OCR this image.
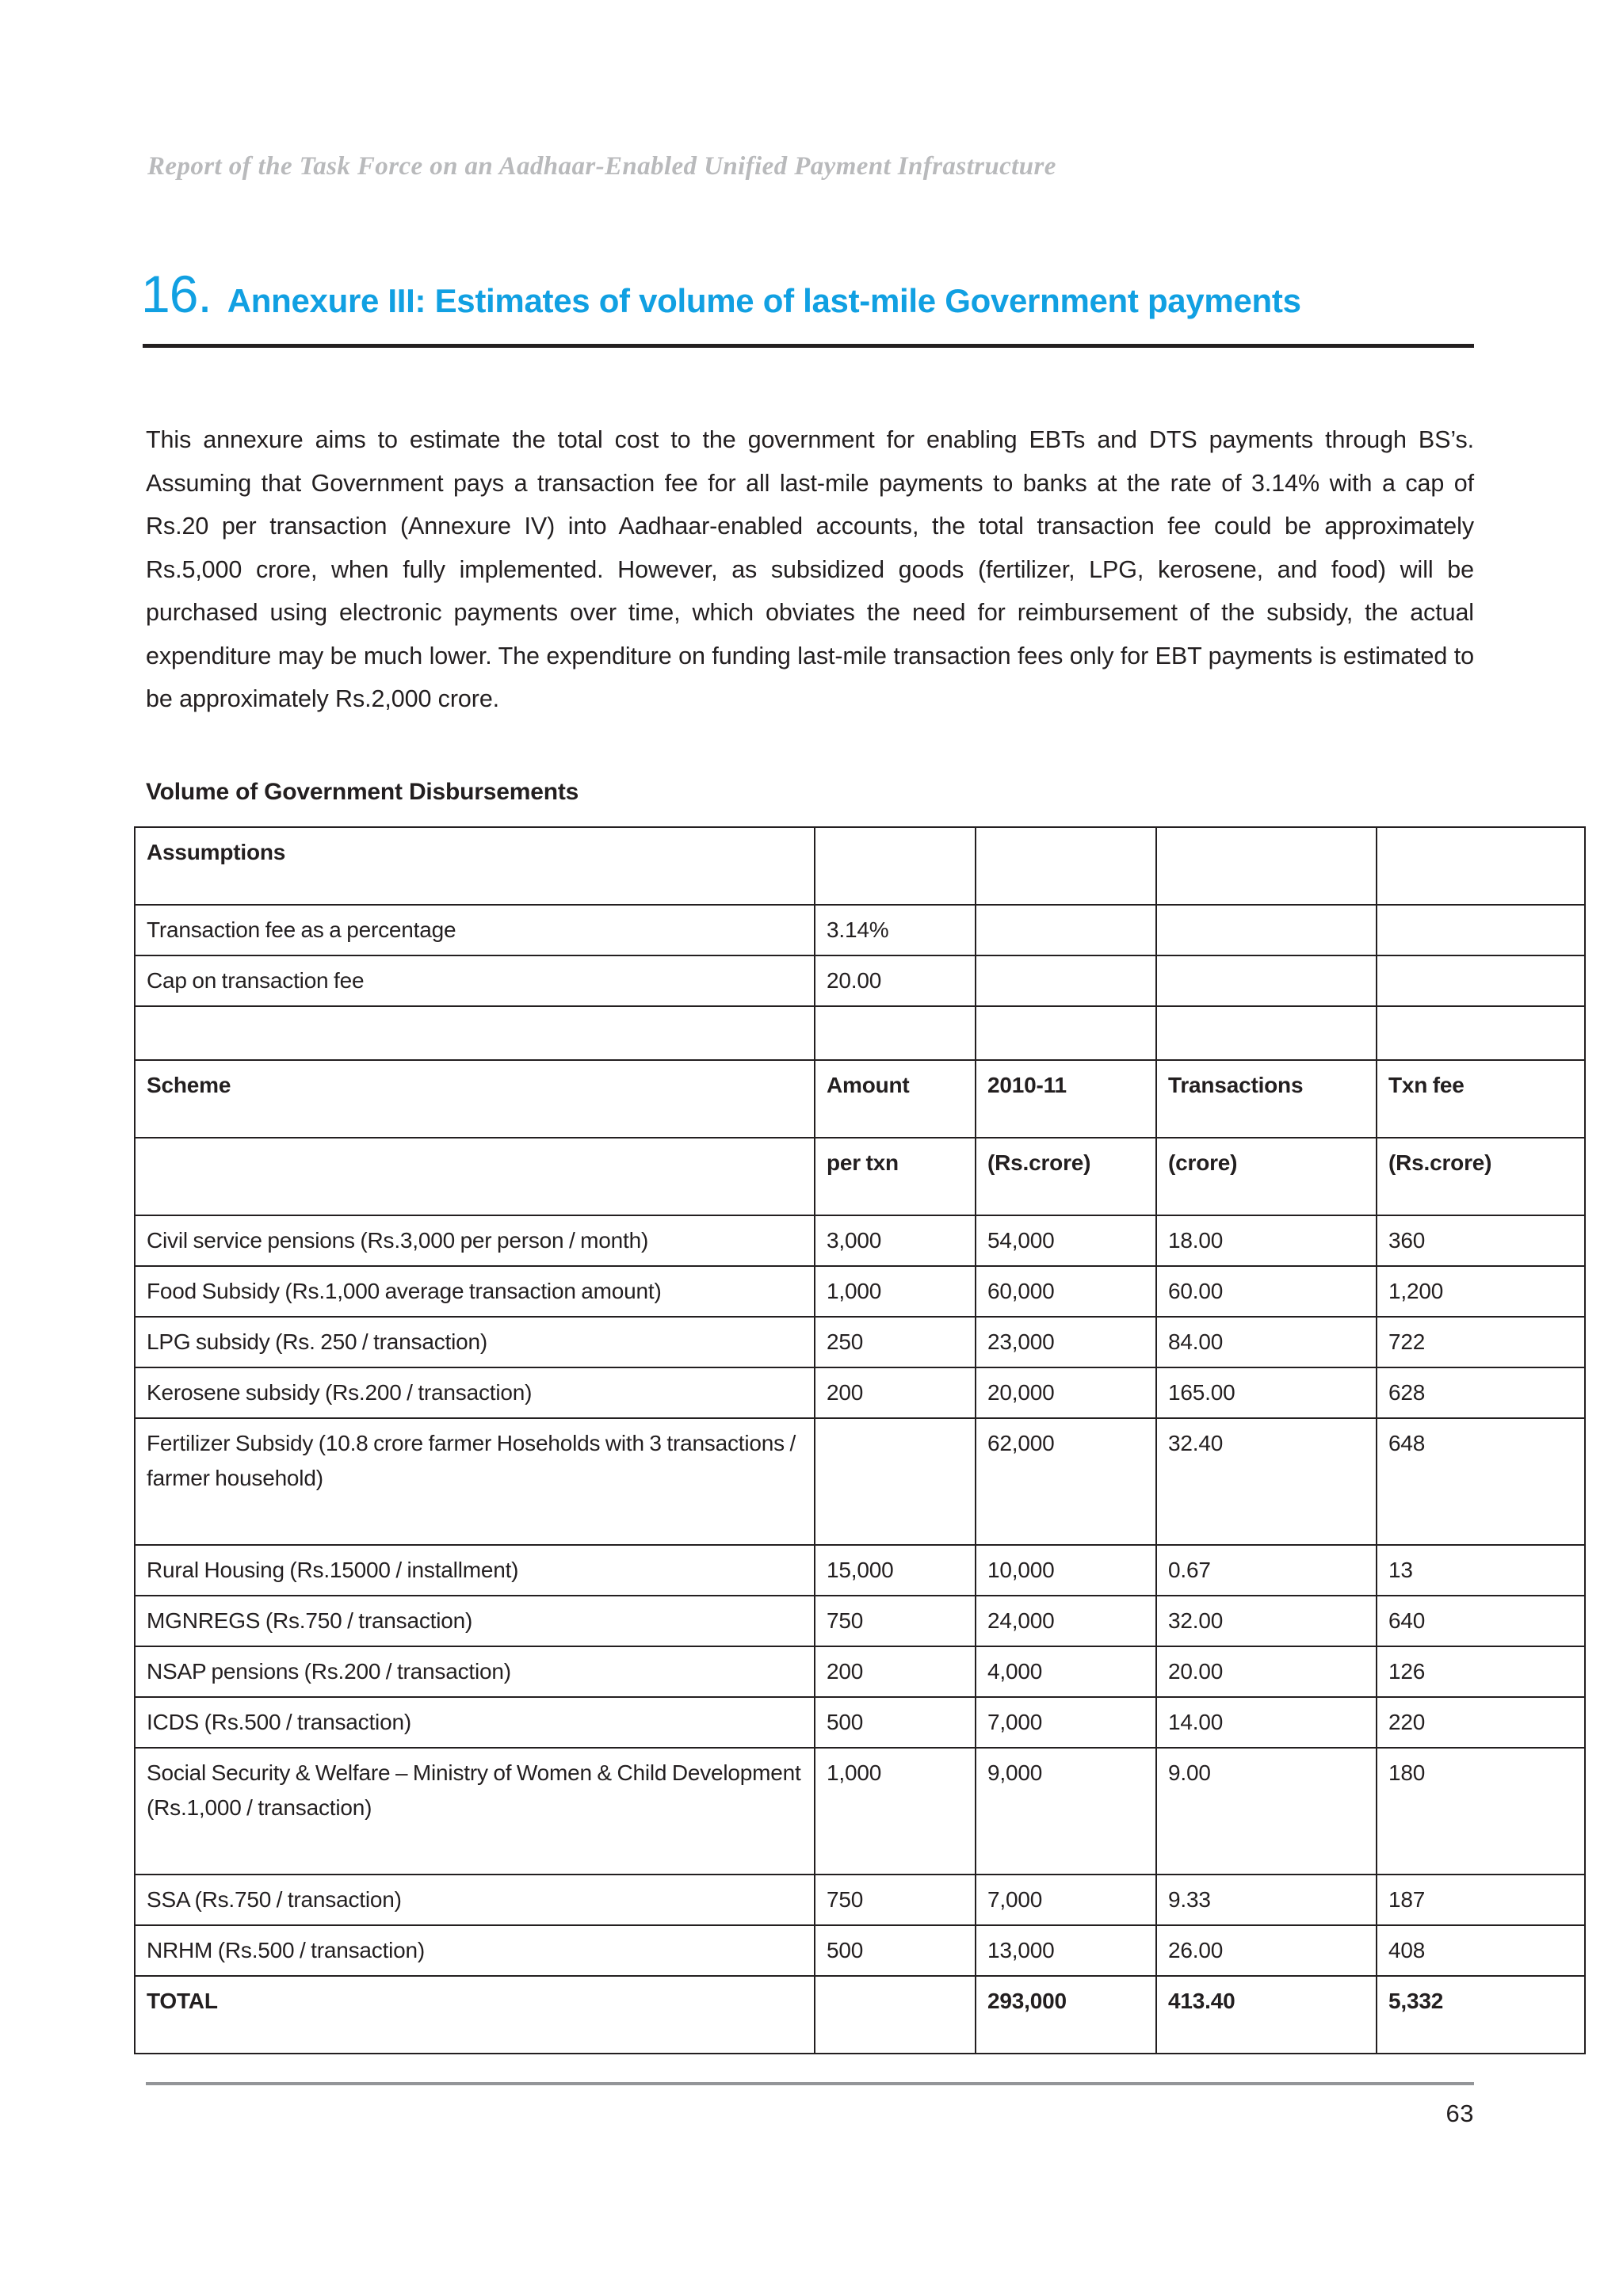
Report of the Task Force on an Aadhaar-Enabled Unified Payment Infrastructure
16. Annexure III: Estimates of volume of last-mile Government payments
This annexure aims to estimate the total cost to the government for enabling EBTs and DTS payments through BS’s. Assuming that Government pays a transaction fee for all last-mile payments to banks at the rate of 3.14% with a cap of Rs.20 per transaction (Annexure IV) into Aadhaar-enabled accounts, the total transaction fee could be approximately Rs.5,000 crore, when fully implemented. However, as subsidized goods (fertilizer, LPG, kerosene, and food) will be purchased using electronic payments over time, which obviates the need for reimbursement of the subsidy, the actual expenditure may be much lower. The expenditure on funding last-mile transaction fees only for EBT payments is estimated to be approximately Rs.2,000 crore.
Volume of Government Disbursements
Assumptions				
Transaction fee as a percentage	3.14%			
Cap on transaction fee	20.00			

Scheme	Amount	2010-11	Transactions	Txn fee
	per txn	(Rs.crore)	(crore)	(Rs.crore)
Civil service pensions (Rs.3,000 per person / month)	3,000	54,000	18.00	360
Food Subsidy (Rs.1,000 average transaction amount)	1,000	60,000	60.00	1,200
LPG subsidy (Rs. 250 / transaction)	250	23,000	84.00	722
Kerosene subsidy (Rs.200 / transaction)	200	20,000	165.00	628
Fertilizer Subsidy (10.8 crore farmer Hoseholds with 3 transactions / farmer household)		62,000	32.40	648
Rural Housing (Rs.15000 / installment)	15,000	10,000	0.67	13
MGNREGS (Rs.750 / transaction)	750	24,000	32.00	640
NSAP pensions (Rs.200 / transaction)	200	4,000	20.00	126
ICDS (Rs.500 / transaction)	500	7,000	14.00	220
Social Security & Welfare – Ministry of Women & Child Development (Rs.1,000 / transaction)	1,000	9,000	9.00	180
SSA (Rs.750 / transaction)	750	7,000	9.33	187
NRHM (Rs.500 / transaction)	500	13,000	26.00	408
TOTAL		293,000	413.40	5,332
63
